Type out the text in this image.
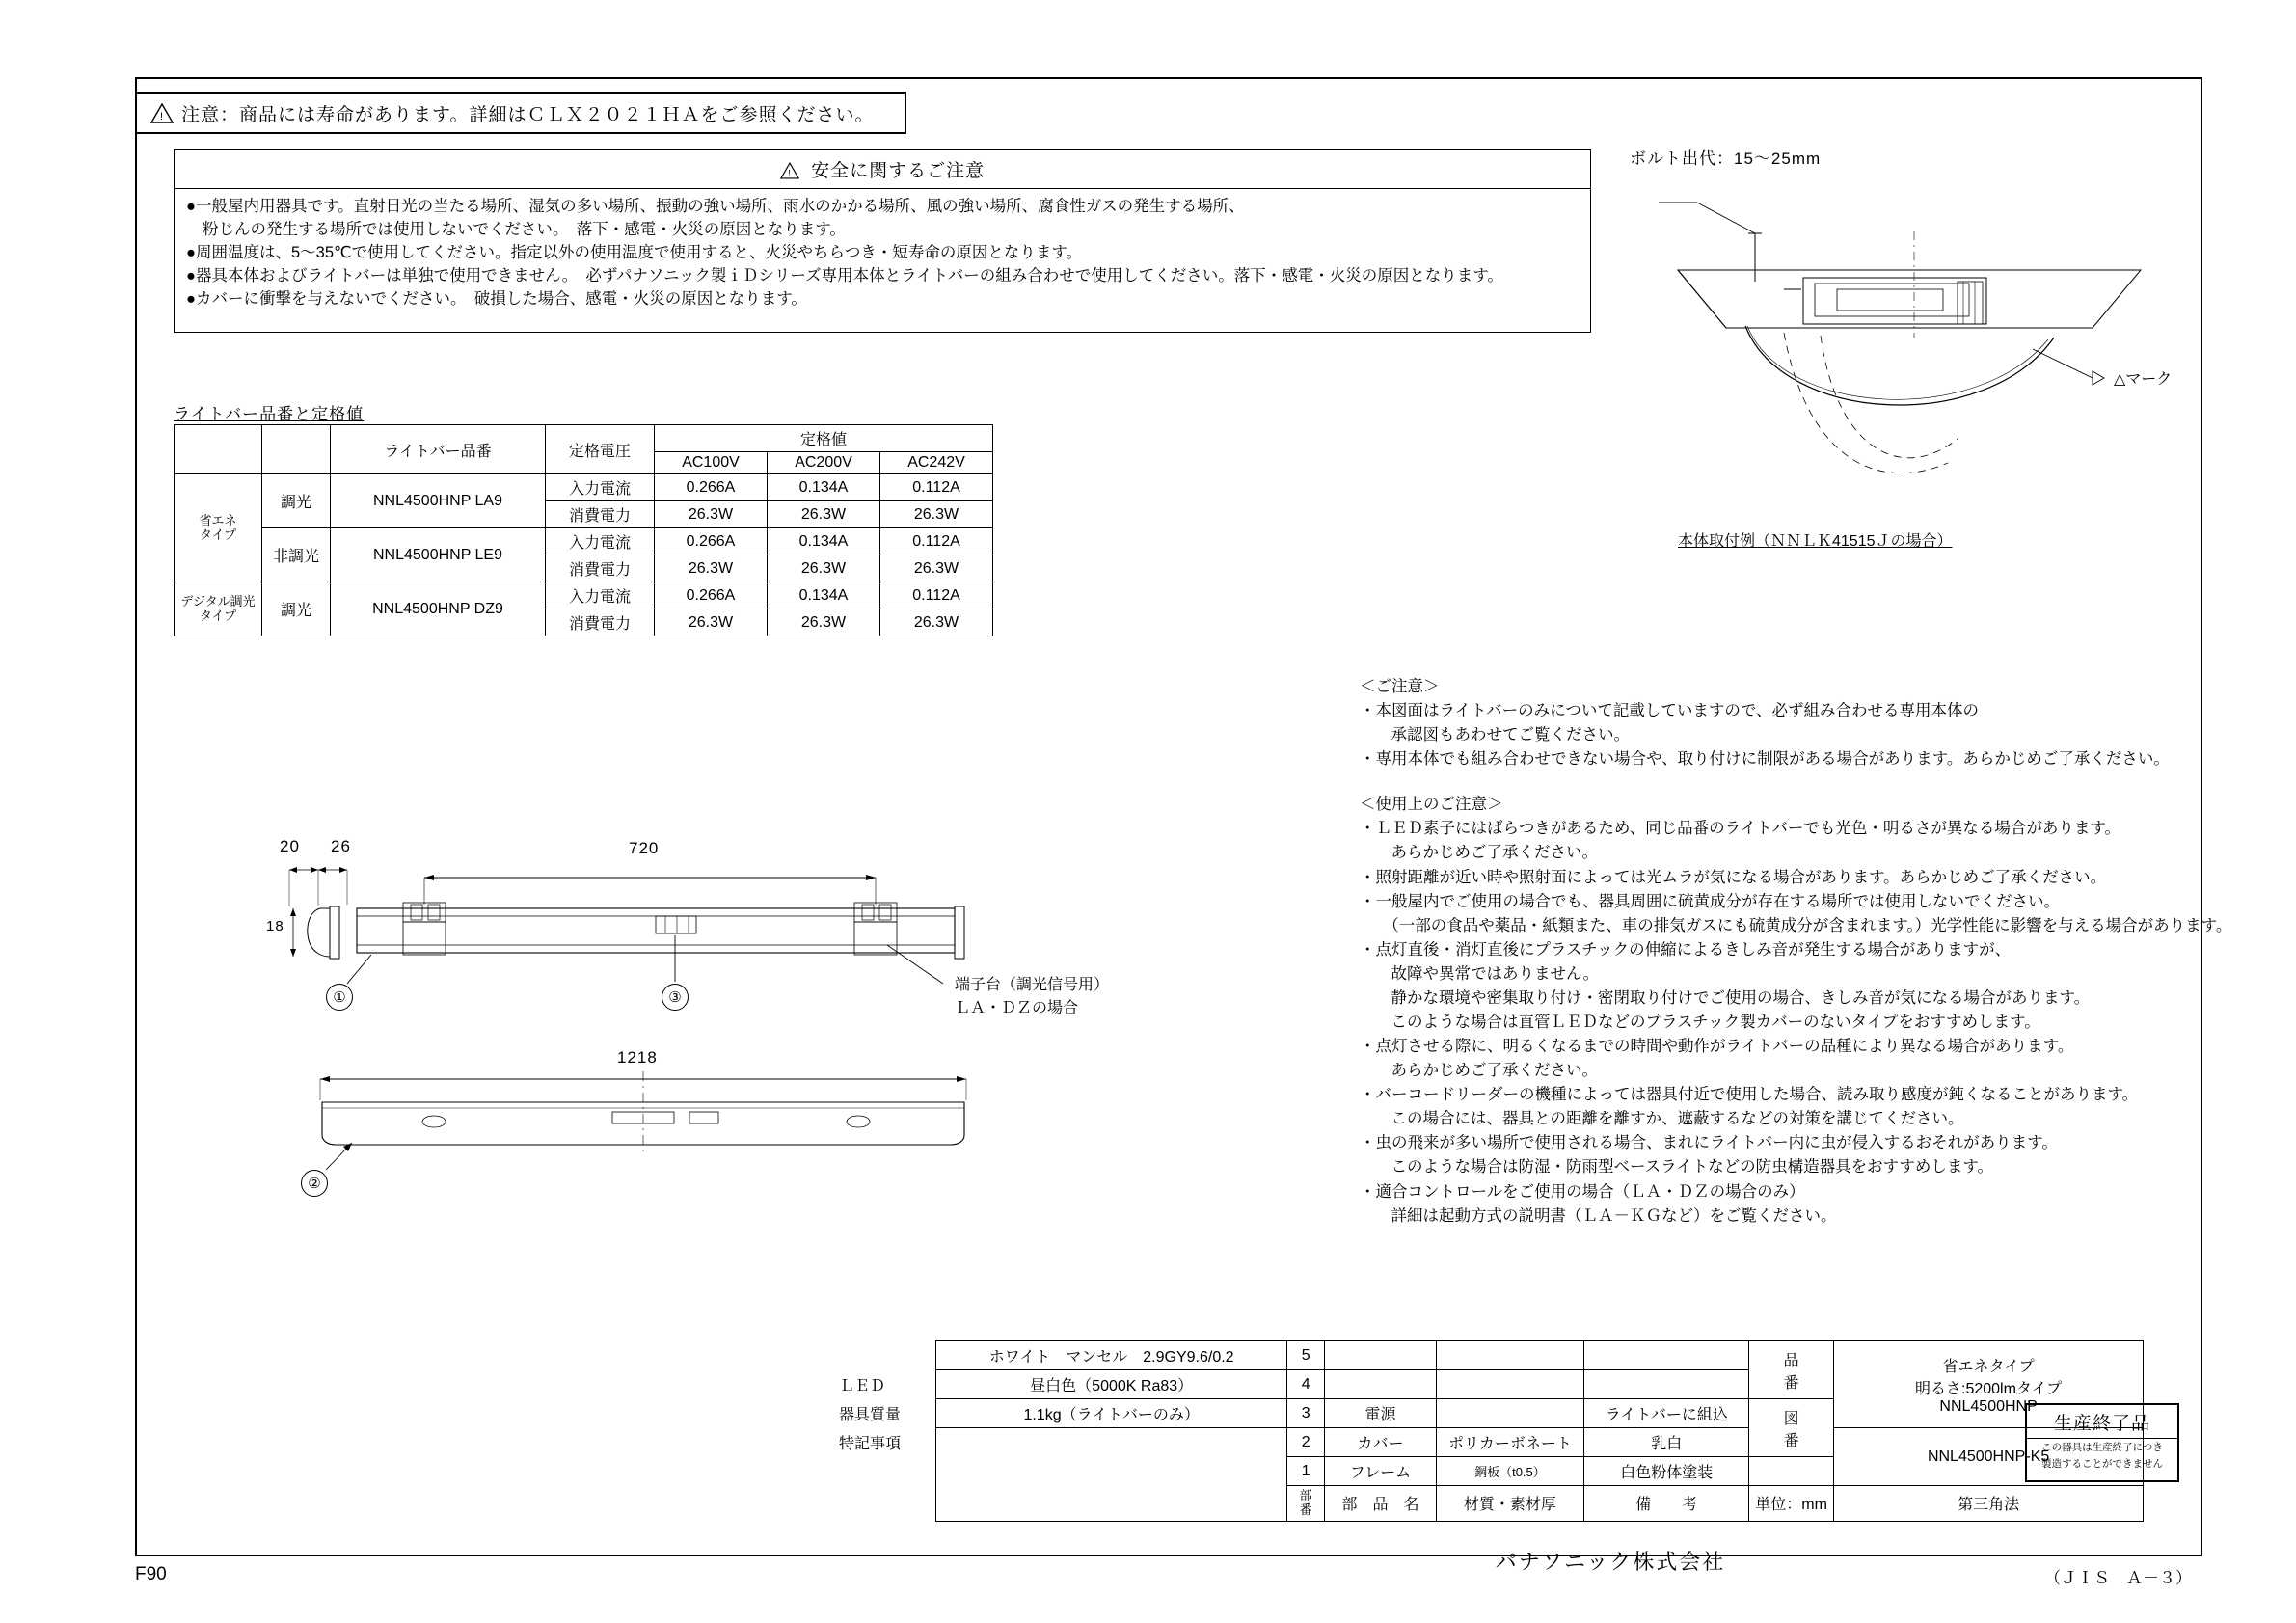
! 注意：商品には寿命があります。詳細はＣＬＸ２０２１ＨＡをご参照ください。
! 安全に関するご注意
●一般屋内用器具です。直射日光の当たる場所、湿気の多い場所、振動の強い場所、雨水のかかる場所、風の強い場所、腐食性ガスの発生する場所、
粉じんの発生する場所では使用しないでください。　落下・感電・火災の原因となります。
●周囲温度は、5～35℃で使用してください。指定以外の使用温度で使用すると、火災やちらつき・短寿命の原因となります。
●器具本体およびライトバーは単独で使用できません。　必ずパナソニック製ｉＤシリーズ専用本体とライトバーの組み合わせで使用してください。落下・感電・火災の原因となります。
●カバーに衝撃を与えないでください。　破損した場合、感電・火災の原因となります。
ライトバー品番と定格値
		ライトバー品番	定格電圧	定格値		
				AC100V	AC200V	AC242V
省エネ
タイプ	調光	NNL4500HNP LA9	入力電流	0.266A	0.134A	0.112A
			消費電力	26.3W	26.3W	26.3W
	非調光	NNL4500HNP LE9	入力電流	0.266A	0.134A	0.112A
			消費電力	26.3W	26.3W	26.3W
デジタル調光
タイプ	調光	NNL4500HNP DZ9	入力電流	0.266A	0.134A	0.112A
			消費電力	26.3W	26.3W	26.3W
ボルト出代：15～25mm
△マーク
本体取付例（ＮＮＬＫ41515Ｊの場合）
＜ご注意＞
・本図面はライトバーのみについて記載していますので、必ず組み合わせる専用本体の
　承認図もあわせてご覧ください。
・専用本体でも組み合わせできない場合や、取り付けに制限がある場合があります。あらかじめご了承ください。
＜使用上のご注意＞
・ＬＥＤ素子にはばらつきがあるため、同じ品番のライトバーでも光色・明るさが異なる場合があります。
　あらかじめご了承ください。
・照射距離が近い時や照射面によっては光ムラが気になる場合があります。あらかじめご了承ください。
・一般屋内でご使用の場合でも、器具周囲に硫黄成分が存在する場所では使用しないでください。
　（一部の食品や薬品・紙類また、車の排気ガスにも硫黄成分が含まれます。）光学性能に影響を与える場合があります。
・点灯直後・消灯直後にプラスチックの伸縮によるきしみ音が発生する場合がありますが、
　故障や異常ではありません。
　静かな環境や密集取り付け・密閉取り付けでご使用の場合、きしみ音が気になる場合があります。
　このような場合は直管ＬＥＤなどのプラスチック製カバーのないタイプをおすすめします。
・点灯させる際に、明るくなるまでの時間や動作がライトバーの品種により異なる場合があります。
　あらかじめご了承ください。
・バーコードリーダーの機種によっては器具付近で使用した場合、読み取り感度が鈍くなることがあります。
　この場合には、器具との距離を離すか、遮蔽するなどの対策を講じてください。
・虫の飛来が多い場所で使用される場合、まれにライトバー内に虫が侵入するおそれがあります。
　このような場合は防湿・防雨型ベースライトなどの防虫構造器具をおすすめします。
・適合コントロールをご使用の場合（ＬＡ・ＤＺの場合のみ）
　詳細は起動方式の説明書（ＬＡ－ＫＧなど）をご覧ください。
20 26
18
720
①	③
端子台（調光信号用）
ＬＡ・ＤＺの場合
1218
②
	ホワイト　マンセル　2.9GY9.6/0.2	5				品
番	
省エネタイプ
明るさ:5200lmタイプ
NNL4500HNP

ＬＥＤ	昼白色（5000K Ra83）	4						
器具質量	1.1kg（ライトバーのみ）	3	電源		ライトバーに組込	図
番		
特記事項		2	カバー	ポリカーボネート	乳白		NNL4500HNP-K5	
		1	フレーム	鋼板（t0.5）	白色粉体塗装			
		部
番	部　品　名	材質・素材厚	備　　考	単位：mm	第三角法	

パナソニック株式会社
生産終了品
この器具は生産終了につき
製造することができません
F90	（ＪＩＳ　Ａ－３）
